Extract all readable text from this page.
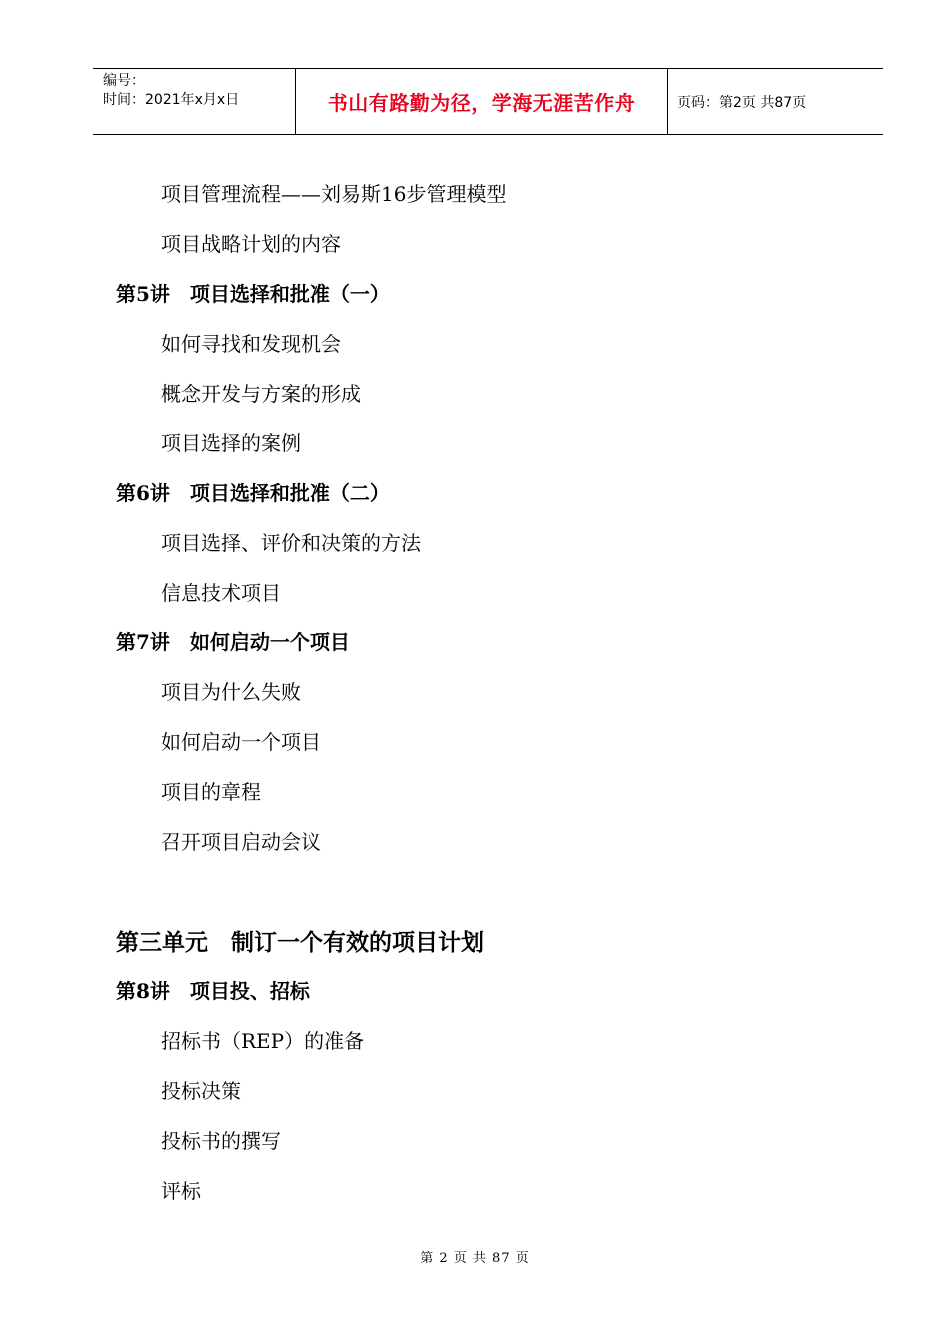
编号：
时间：2021年x月x日	书山有路勤为径，学海无涯苦作舟	页码：第2页 共87页
项目管理流程——刘易斯16步管理模型
项目战略计划的内容
第5讲　项目选择和批准（一）
如何寻找和发现机会
概念开发与方案的形成
项目选择的案例
第6讲　项目选择和批准（二）
项目选择、评价和决策的方法
信息技术项目
第7讲　如何启动一个项目
项目为什么失败
如何启动一个项目
项目的章程
召开项目启动会议
第三单元　制订一个有效的项目计划
第8讲　项目投、招标
招标书（REP）的准备
投标决策
投标书的撰写
评标
第 2 页 共 87 页
